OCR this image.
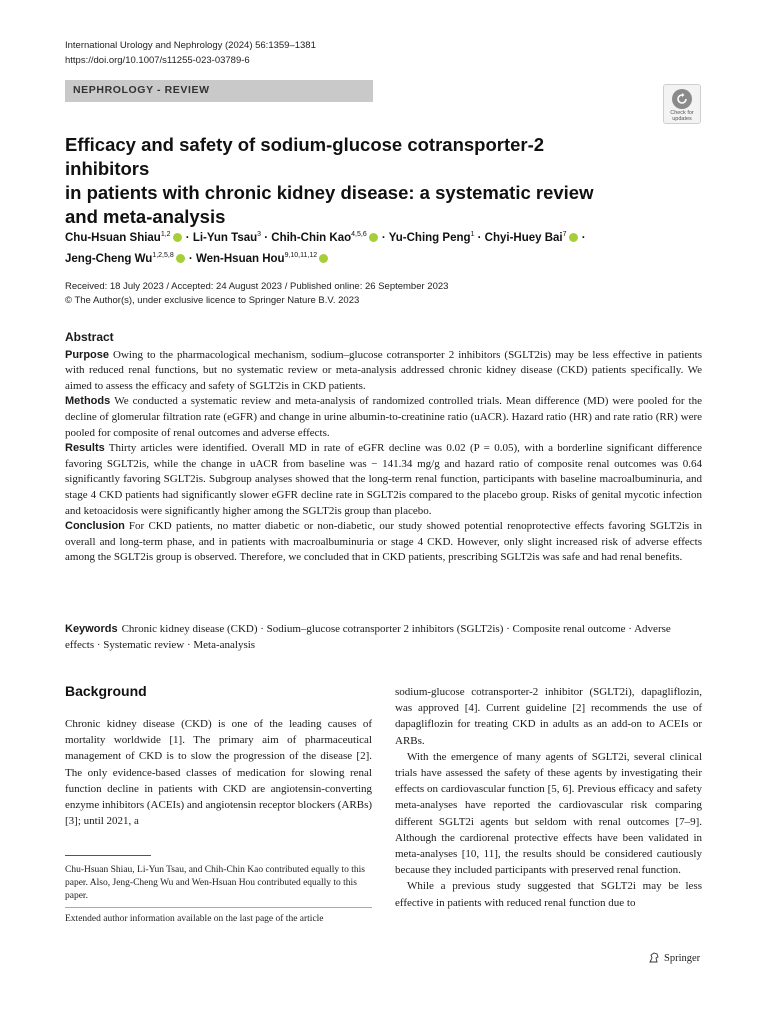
International Urology and Nephrology (2024) 56:1359–1381
https://doi.org/10.1007/s11255-023-03789-6
NEPHROLOGY - REVIEW
Check for
updates
Efficacy and safety of sodium-glucose cotransporter-2 inhibitors
in patients with chronic kidney disease: a systematic review
and meta-analysis
Chu-Hsuan Shiau$^{1,2}$ · Li-Yun Tsau$^3$ · Chih-Chin Kao$^{4,5,6}$ · Yu-Ching Peng$^1$ · Chyi-Huey Bai$^7$ ·
Jeng-Cheng Wu$^{1,2,5,8}$ · Wen-Hsuan Hou$^{9,10,11,12}$
Received: 18 July 2023 / Accepted: 24 August 2023 / Published online: 26 September 2023
© The Author(s), under exclusive licence to Springer Nature B.V. 2023
Abstract

Purpose Owing to the pharmacological mechanism, sodium–glucose cotransporter 2 inhibitors (SGLT2is) may be less effective in patients with reduced renal functions, but no systematic review or meta-analysis addressed chronic kidney disease (CKD) patients specifically. We aimed to assess the efficacy and safety of SGLT2is in CKD patients.

Methods We conducted a systematic review and meta-analysis of randomized controlled trials. Mean difference (MD) were pooled for the decline of glomerular filtration rate (eGFR) and change in urine albumin-to-creatinine ratio (uACR). Hazard ratio (HR) and rate ratio (RR) were pooled for composite of renal outcomes and adverse effects.

Results Thirty articles were identified. Overall MD in rate of eGFR decline was 0.02 (P = 0.05), with a borderline significant difference favoring SGLT2is, while the change in uACR from baseline was − 141.34 mg/g and hazard ratio of composite renal outcomes was 0.64 significantly favoring SGLT2is. Subgroup analyses showed that the long-term renal function, participants with baseline macroalbuminuria, and stage 4 CKD patients had significantly slower eGFR decline rate in SGLT2is compared to the placebo group. Risks of genital mycotic infection and ketoacidosis were significantly higher among the SGLT2is group than placebo.

Conclusion For CKD patients, no matter diabetic or non-diabetic, our study showed potential renoprotective effects favoring SGLT2is in overall and long-term phase, and in patients with macroalbuminuria or stage 4 CKD. However, only slight increased risk of adverse effects among the SGLT2is group is observed. Therefore, we concluded that in CKD patients, prescribing SGLT2is was safe and had renal benefits.

Keywords Chronic kidney disease (CKD) · Sodium–glucose cotransporter 2 inhibitors (SGLT2is) · Composite renal outcome · Adverse effects · Systematic review · Meta-analysis
Background

Chronic kidney disease (CKD) is one of the leading causes of mortality worldwide [1]. The primary aim of pharmaceutical management of CKD is to slow the progression of the disease [2]. The only evidence-based classes of medication for slowing renal function decline in patients with CKD are angiotensin-converting enzyme inhibitors (ACEIs) and angiotensin receptor blockers (ARBs) [3]; until 2021, a

sodium-glucose cotransporter-2 inhibitor (SGLT2i), dapagliflozin, was approved [4]. Current guideline [2] recommends the use of dapagliflozin for treating CKD in adults as an add-on to ACEIs or ARBs.

With the emergence of many agents of SGLT2i, several clinical trials have assessed the safety of these agents by investigating their effects on cardiovascular function [5, 6]. Previous efficacy and safety meta-analyses have reported the cardiovascular risk comparing different SGLT2i agents but seldom with renal outcomes [7–9]. Although the cardiorenal protective effects have been validated in meta-analyses [10, 11], the results should be considered cautiously because they included participants with preserved renal function.

While a previous study suggested that SGLT2i may be less effective in patients with reduced renal function due to

Chu-Hsuan Shiau, Li-Yun Tsau, and Chih-Chin Kao contributed equally to this paper. Also, Jeng-Cheng Wu and Wen-Hsuan Hou contributed equally to this paper.
Extended author information available on the last page of the article
Springer
